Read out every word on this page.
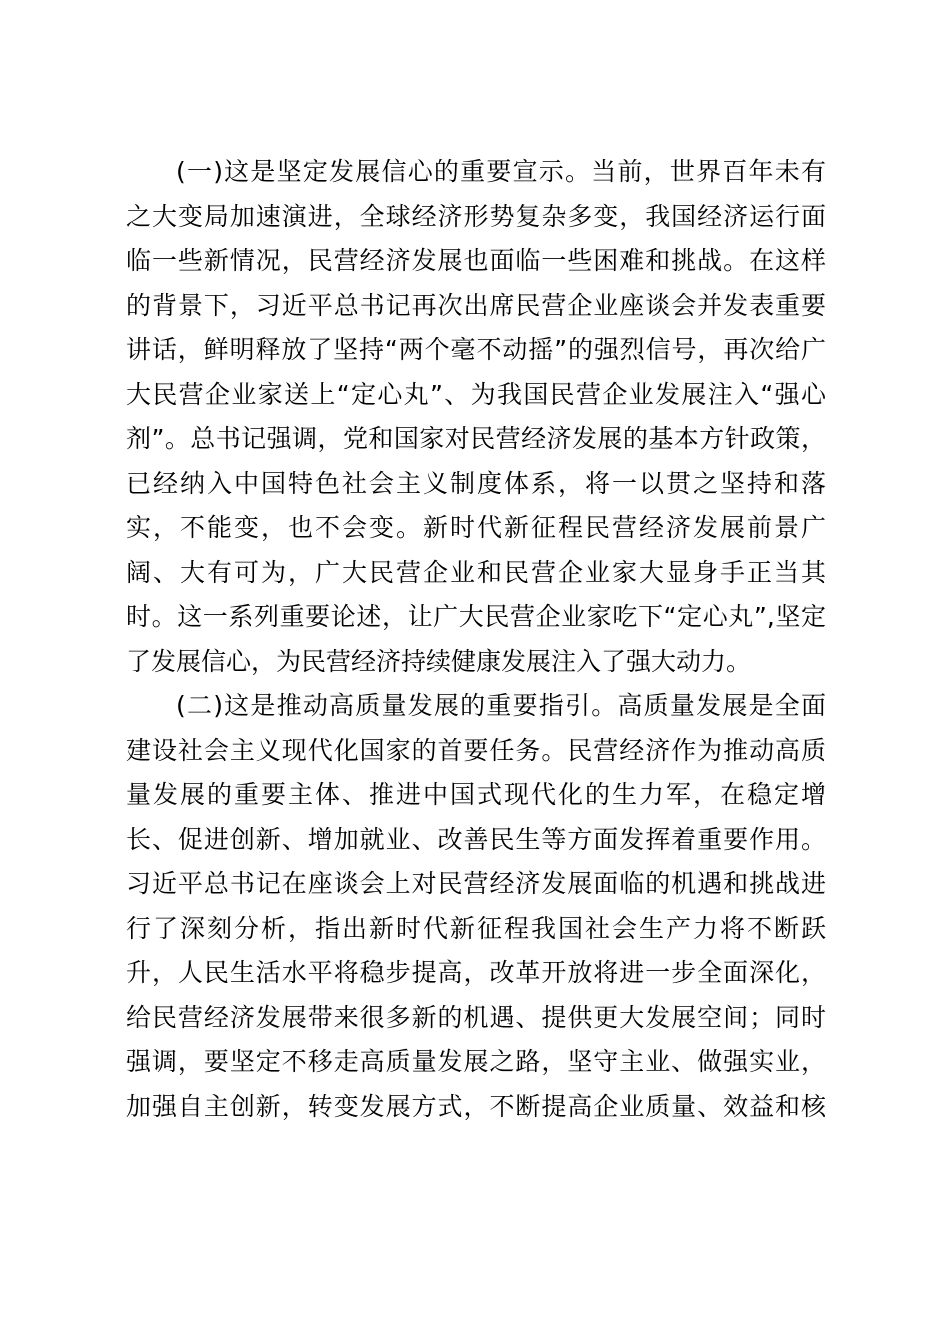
(一)这是坚定发展信心的重要宣示。当前，世界百年未有
之大变局加速演进，全球经济形势复杂多变，我国经济运行面
临一些新情况，民营经济发展也面临一些困难和挑战。在这样
的背景下，习近平总书记再次出席民营企业座谈会并发表重要
讲话，鲜明释放了坚持“两个毫不动摇”的强烈信号，再次给广
大民营企业家送上“定心丸”、为我国民营企业发展注入“强心
剂”。总书记强调，党和国家对民营经济发展的基本方针政策，
已经纳入中国特色社会主义制度体系，将一以贯之坚持和落
实，不能变，也不会变。新时代新征程民营经济发展前景广
阔、大有可为，广大民营企业和民营企业家大显身手正当其
时。这一系列重要论述，让广大民营企业家吃下“定心丸”,坚定
了发展信心，为民营经济持续健康发展注入了强大动力。
(二)这是推动高质量发展的重要指引。高质量发展是全面
建设社会主义现代化国家的首要任务。民营经济作为推动高质
量发展的重要主体、推进中国式现代化的生力军，在稳定增
长、促进创新、增加就业、改善民生等方面发挥着重要作用。
习近平总书记在座谈会上对民营经济发展面临的机遇和挑战进
行了深刻分析，指出新时代新征程我国社会生产力将不断跃
升，人民生活水平将稳步提高，改革开放将进一步全面深化，
给民营经济发展带来很多新的机遇、提供更大发展空间；同时
强调，要坚定不移走高质量发展之路，坚守主业、做强实业，
加强自主创新，转变发展方式，不断提高企业质量、效益和核
